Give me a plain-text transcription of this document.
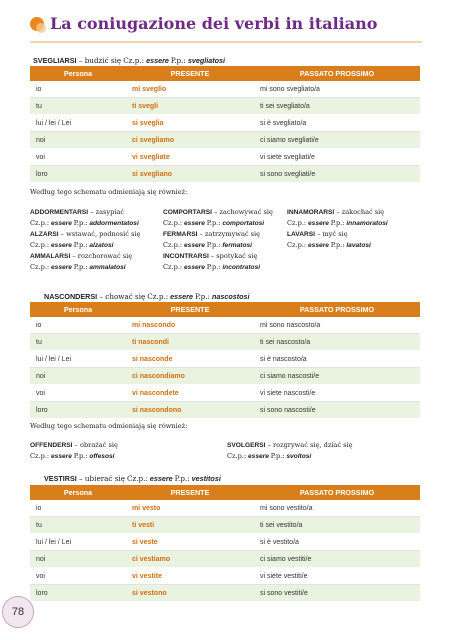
La coniugazione dei verbi in italiano
SVEGLIARSI – budzić się Cz.p.: essere P.p.: svegliatosi
Persona	PRESENTE	PASSATO PROSSIMO
io	mi sveglio	mi sono svegliato/a
tu	ti svegli	ti sei svegliato/a
lui / lei / Lei	si sveglia	si è svegliato/a
noi	ci svegliamo	ci siamo svegliati/e
voi	vi svegliate	vi siete svegliati/e
loro	si svegliano	si sono svegliati/e
Według tego schematu odmieniają się również:
ADDORMENTARSI – zasypiać
Cz.p.: essere P.p.: addormentatosi
COMPORTARSI – zachowywać się
Cz.p.: essere P.p.: comportatosi
INNAMORARSI – zakochać się
Cz.p.: essere P.p.: innamoratosi
ALZARSI – wstawać, podnosić się
Cz.p.: essere P.p.: alzatosi
FERMARSI – zatrzymywać się
Cz.p.: essere P.p.: fermatosi
LAVARSI – myć się
Cz.p.: essere P.p.: lavatosi
AMMALARSI – rozchorować się
Cz.p.: essere P.p.: ammalatosi
INCONTRARSI – spotykać się
Cz.p.: essere P.p.: incontratosi
NASCONDERSI – chować się Cz.p.: essere P.p.: nascostosi
Persona	PRESENTE	PASSATO PROSSIMO
io	mi nascondo	mi sono nascosto/a
tu	ti nascondi	ti sei nascosto/a
lui / lei / Lei	si nasconde	si è nascosto/a
noi	ci nascondiamo	ci siamo nascosti/e
voi	vi nascondete	vi siete nascosti/e
loro	si nascondono	si sono nascosti/e
Według tego schematu odmieniają się również:
OFFENDERSI – obrażać się
Cz.p.: essere P.p.: offesosi
SVOLGERSI – rozgrywać się, dziać się
Cz.p.: essere P.p.: svoltosi
VESTIRSI – ubierać się Cz.p.: essere P.p.: vestitosi
Persona	PRESENTE	PASSATO PROSSIMO
io	mi vesto	mi sono vestito/a
tu	ti vesti	ti sei vestito/a
lui / lei / Lei	si veste	si è vestito/a
noi	ci vestiamo	ci siamo vestiti/e
voi	vi vestite	vi siete vestiti/e
loro	si vestono	si sono vestiti/e
78
